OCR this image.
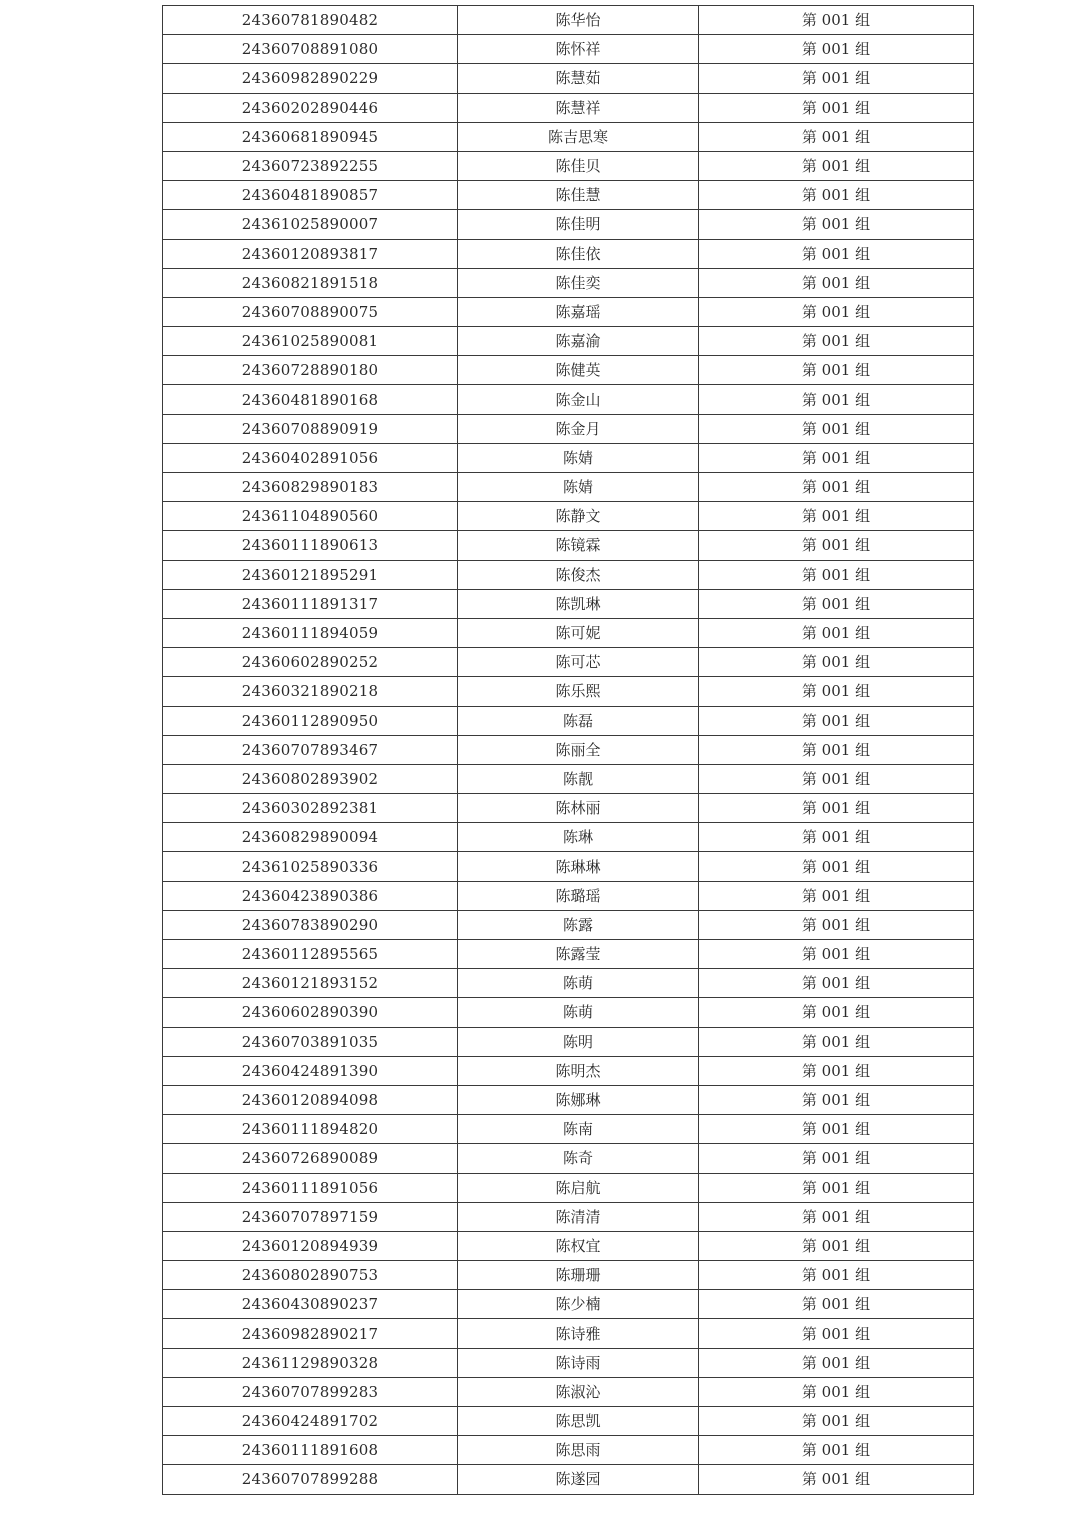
24360781890482	陈华怡	第 001 组
24360708891080	陈怀祥	第 001 组
24360982890229	陈慧茹	第 001 组
24360202890446	陈慧祥	第 001 组
24360681890945	陈吉思寒	第 001 组
24360723892255	陈佳贝	第 001 组
24360481890857	陈佳慧	第 001 组
24361025890007	陈佳明	第 001 组
24360120893817	陈佳依	第 001 组
24360821891518	陈佳奕	第 001 组
24360708890075	陈嘉瑶	第 001 组
24361025890081	陈嘉渝	第 001 组
24360728890180	陈健英	第 001 组
24360481890168	陈金山	第 001 组
24360708890919	陈金月	第 001 组
24360402891056	陈婧	第 001 组
24360829890183	陈婧	第 001 组
24361104890560	陈静文	第 001 组
24360111890613	陈镜霖	第 001 组
24360121895291	陈俊杰	第 001 组
24360111891317	陈凯琳	第 001 组
24360111894059	陈可妮	第 001 组
24360602890252	陈可芯	第 001 组
24360321890218	陈乐熙	第 001 组
24360112890950	陈磊	第 001 组
24360707893467	陈丽全	第 001 组
24360802893902	陈靓	第 001 组
24360302892381	陈林丽	第 001 组
24360829890094	陈琳	第 001 组
24361025890336	陈琳琳	第 001 组
24360423890386	陈璐瑶	第 001 组
24360783890290	陈露	第 001 组
24360112895565	陈露莹	第 001 组
24360121893152	陈萌	第 001 组
24360602890390	陈萌	第 001 组
24360703891035	陈明	第 001 组
24360424891390	陈明杰	第 001 组
24360120894098	陈娜琳	第 001 组
24360111894820	陈南	第 001 组
24360726890089	陈奇	第 001 组
24360111891056	陈启航	第 001 组
24360707897159	陈清清	第 001 组
24360120894939	陈权宜	第 001 组
24360802890753	陈珊珊	第 001 组
24360430890237	陈少楠	第 001 组
24360982890217	陈诗雅	第 001 组
24361129890328	陈诗雨	第 001 组
24360707899283	陈淑沁	第 001 组
24360424891702	陈思凯	第 001 组
24360111891608	陈思雨	第 001 组
24360707899288	陈遂园	第 001 组
